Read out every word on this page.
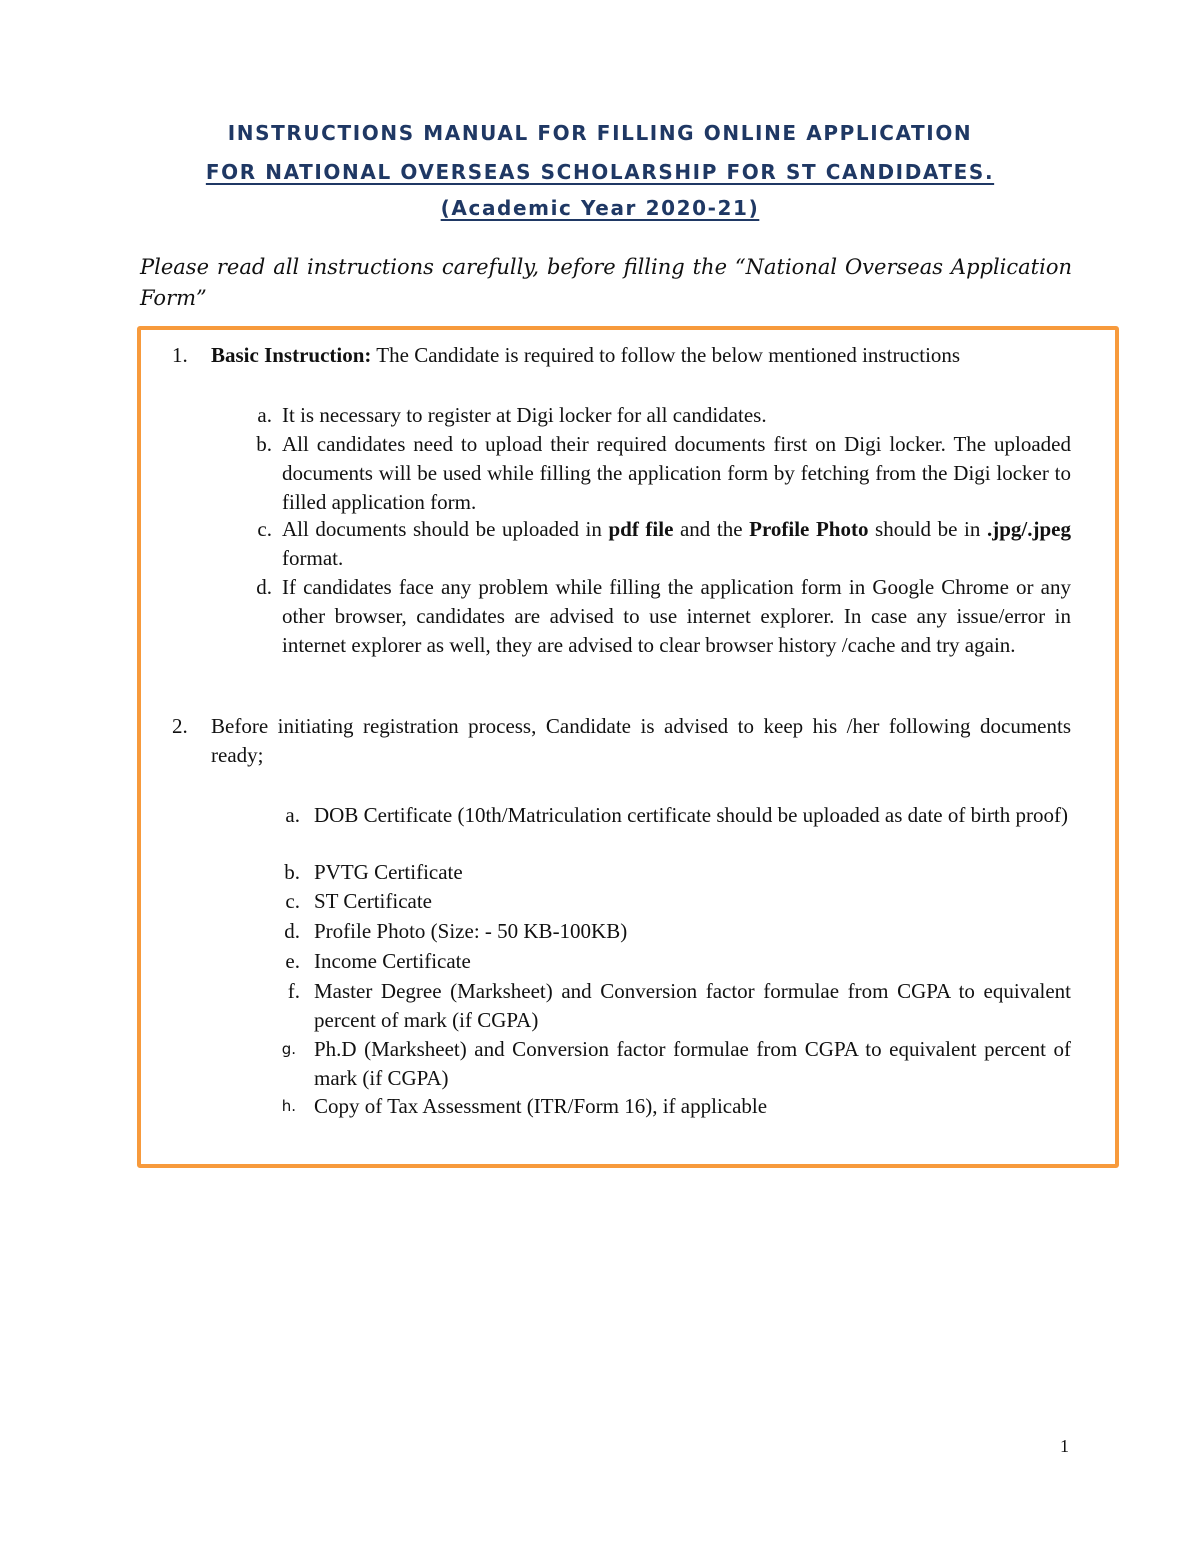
INSTRUCTIONS MANUAL FOR FILLING ONLINE APPLICATION

FOR NATIONAL OVERSEAS SCHOLARSHIP FOR ST CANDIDATES.

(Academic Year 2020-21)

Please read all instructions carefully, before filling the “National Overseas Application Form”

1. Basic Instruction: The Candidate is required to follow the below mentioned instructions

a. It is necessary to register at Digi locker for all candidates.

b. All candidates need to upload their required documents first on Digi locker. The uploaded documents will be used while filling the application form by fetching from the Digi locker to filled application form.

c. All documents should be uploaded in pdf file and the Profile Photo should be in .jpg/.jpeg format.

d. If candidates face any problem while filling the application form in Google Chrome or any other browser, candidates are advised to use internet explorer. In case any issue/error in internet explorer as well, they are advised to clear browser history /cache and try again.

2. Before initiating registration process, Candidate is advised to keep his /her following documents ready;

a. DOB Certificate (10th/Matriculation certificate should be uploaded as date of birth proof)

b. PVTG Certificate

c. ST Certificate

d. Profile Photo (Size: - 50 KB-100KB)

e. Income Certificate

f. Master Degree (Marksheet) and Conversion factor formulae from CGPA to equivalent percent of mark (if CGPA)

g. Ph.D (Marksheet) and Conversion factor formulae from CGPA to equivalent percent of mark (if CGPA)

h. Copy of Tax Assessment (ITR/Form 16), if applicable

1
